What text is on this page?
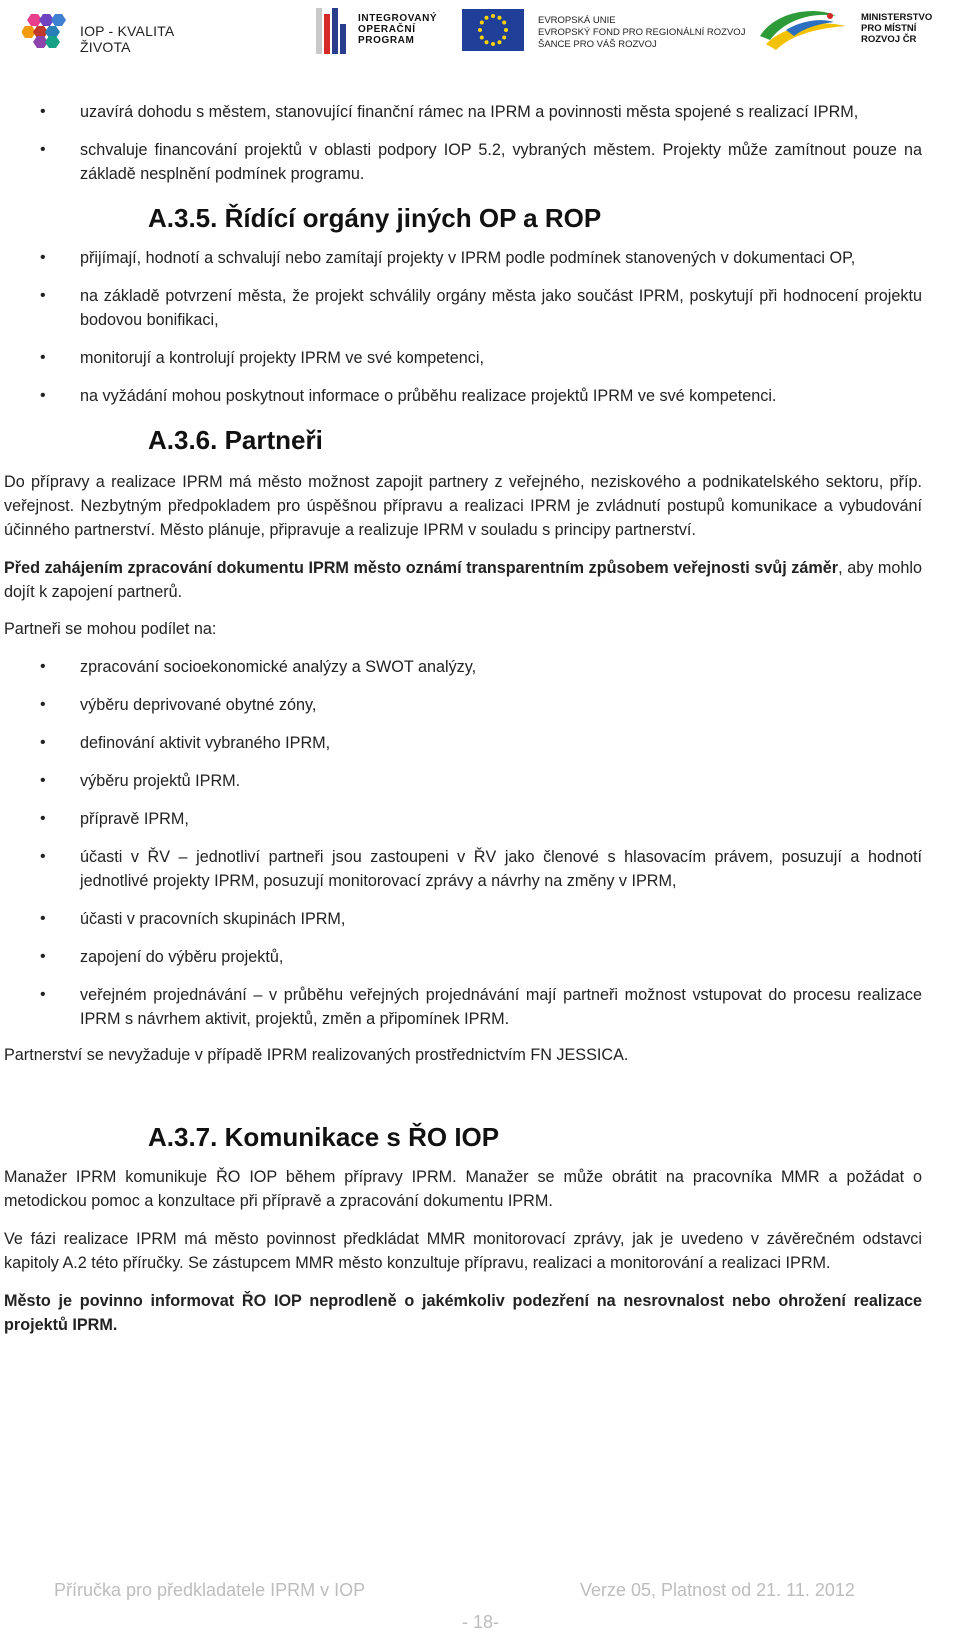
IOP - KVALITA ŽIVOTA
INTEGROVANÝ
OPERAČNÍ
PROGRAM
EVROPSKÁ UNIE
EVROPSKÝ FOND PRO REGIONÁLNÍ ROZVOJ
ŠANCE PRO VÁŠ ROZVOJ
MINISTERSTVO
PRO MÍSTNÍ
ROZVOJ ČR
• uzavírá dohodu s městem, stanovující finanční rámec na IPRM a povinnosti města spojené s realizací IPRM,
• schvaluje financování projektů v oblasti podpory IOP 5.2, vybraných městem. Projekty může zamítnout pouze na základě nesplnění podmínek programu.
A.3.5. Řídící orgány jiných OP a ROP
• přijímají, hodnotí a schvalují nebo zamítají projekty v IPRM podle podmínek stanovených v dokumentaci OP,
• na základě potvrzení města, že projekt schválily orgány města jako součást IPRM, poskytují při hodnocení projektu bodovou bonifikaci,
• monitorují a kontrolují projekty IPRM ve své kompetenci,
• na vyžádání mohou poskytnout informace o průběhu realizace projektů IPRM ve své kompetenci.
A.3.6. Partneři

Do přípravy a realizace IPRM má město možnost zapojit partnery z veřejného, neziskového a podnikatelského sektoru, příp. veřejnost. Nezbytným předpokladem pro úspěšnou přípravu a realizaci IPRM je zvládnutí postupů komunikace a vybudování účinného partnerství. Město plánuje, připravuje a realizuje IPRM v souladu s principy partnerství.

Před zahájením zpracování dokumentu IPRM město oznámí transparentním způsobem veřejnosti svůj záměr, aby mohlo dojít k zapojení partnerů.

Partneři se mohou podílet na:

• zpracování socioekonomické analýzy a SWOT analýzy,
• výběru deprivované obytné zóny,
• definování aktivit vybraného IPRM,
• výběru projektů IPRM.
• přípravě IPRM,
• účasti v ŘV – jednotliví partneři jsou zastoupeni v ŘV jako členové s hlasovacím právem, posuzují a hodnotí jednotlivé projekty IPRM, posuzují monitorovací zprávy a návrhy na změny v IPRM,
• účasti v pracovních skupinách IPRM,
• zapojení do výběru projektů,
• veřejném projednávání – v průběhu veřejných projednávání mají partneři možnost vstupovat do procesu realizace IPRM s návrhem aktivit, projektů, změn a připomínek IPRM.

Partnerství se nevyžaduje v případě IPRM realizovaných prostřednictvím FN JESSICA.

A.3.7. Komunikace s ŘO IOP

Manažer IPRM komunikuje ŘO IOP během přípravy IPRM. Manažer se může obrátit na pracovníka MMR a požádat o metodickou pomoc a konzultace při přípravě a zpracování dokumentu IPRM.

Ve fázi realizace IPRM má město povinnost předkládat MMR monitorovací zprávy, jak je uvedeno v závěrečném odstavci kapitoly A.2 této příručky. Se zástupcem MMR město konzultuje přípravu, realizaci a monitorování a realizaci IPRM.

Město je povinno informovat ŘO IOP neprodleně o jakémkoliv podezření na nesrovnalost nebo ohrožení realizace projektů IPRM.

Příručka pro předkladatele IPRM v IOP	Verze 05, Platnost od 21. 11. 2012
- 18-
